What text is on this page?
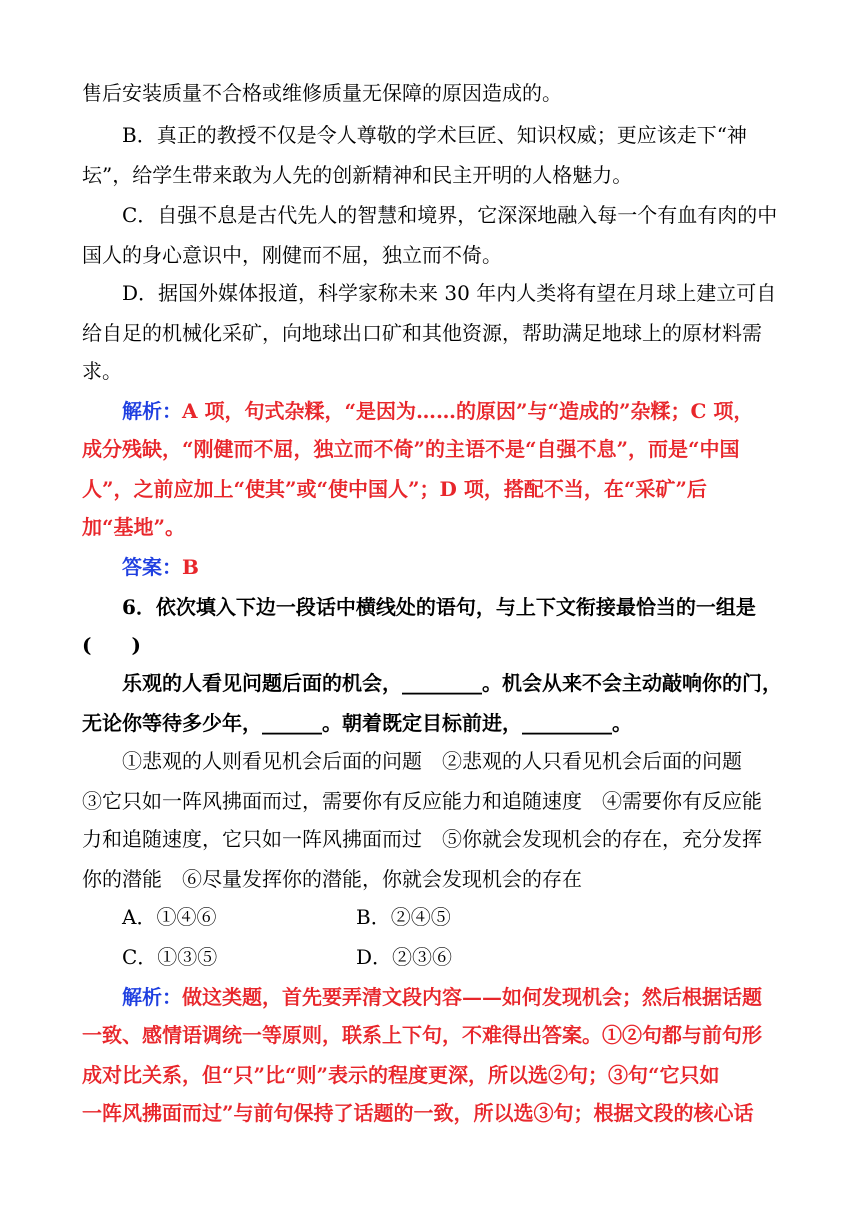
售后安装质量不合格或维修质量无保障的原因造成的。
B．真正的教授不仅是令人尊敬的学术巨匠、知识权威；更应该走下“神
坛”，给学生带来敢为人先的创新精神和民主开明的人格魅力。
C．自强不息是古代先人的智慧和境界，它深深地融入每一个有血有肉的中
国人的身心意识中，刚健而不屈，独立而不倚。
D．据国外媒体报道，科学家称未来 30 年内人类将有望在月球上建立可自
给自足的机械化采矿，向地球出口矿和其他资源，帮助满足地球上的原材料需
求。
解析：A 项，句式杂糅，“是因为……的原因”与“造成的”杂糅；C 项，
成分残缺，“刚健而不屈，独立而不倚”的主语不是“自强不息”，而是“中国
人”，之前应加上“使其”或“使中国人”；D 项，搭配不当，在“采矿”后
加“基地”。
答案：B
6．依次填入下边一段话中横线处的语句，与上下文衔接最恰当的一组是
(　　)
乐观的人看见问题后面的机会，________。机会从来不会主动敲响你的门，
无论你等待多少年，______。朝着既定目标前进，_________。
①悲观的人则看见机会后面的问题　②悲观的人只看见机会后面的问题
③它只如一阵风拂面而过，需要你有反应能力和追随速度　④需要你有反应能
力和追随速度，它只如一阵风拂面而过　⑤你就会发现机会的存在，充分发挥
你的潜能　⑥尽量发挥你的潜能，你就会发现机会的存在
A．①④⑥	B．②④⑤
C．①③⑤	D．②③⑥
解析：做这类题，首先要弄清文段内容——如何发现机会；然后根据话题
一致、感情语调统一等原则，联系上下句，不难得出答案。①②句都与前句形
成对比关系，但“只”比“则”表示的程度更深，所以选②句；③句“它只如
一阵风拂面而过”与前句保持了话题的一致，所以选③句；根据文段的核心话
